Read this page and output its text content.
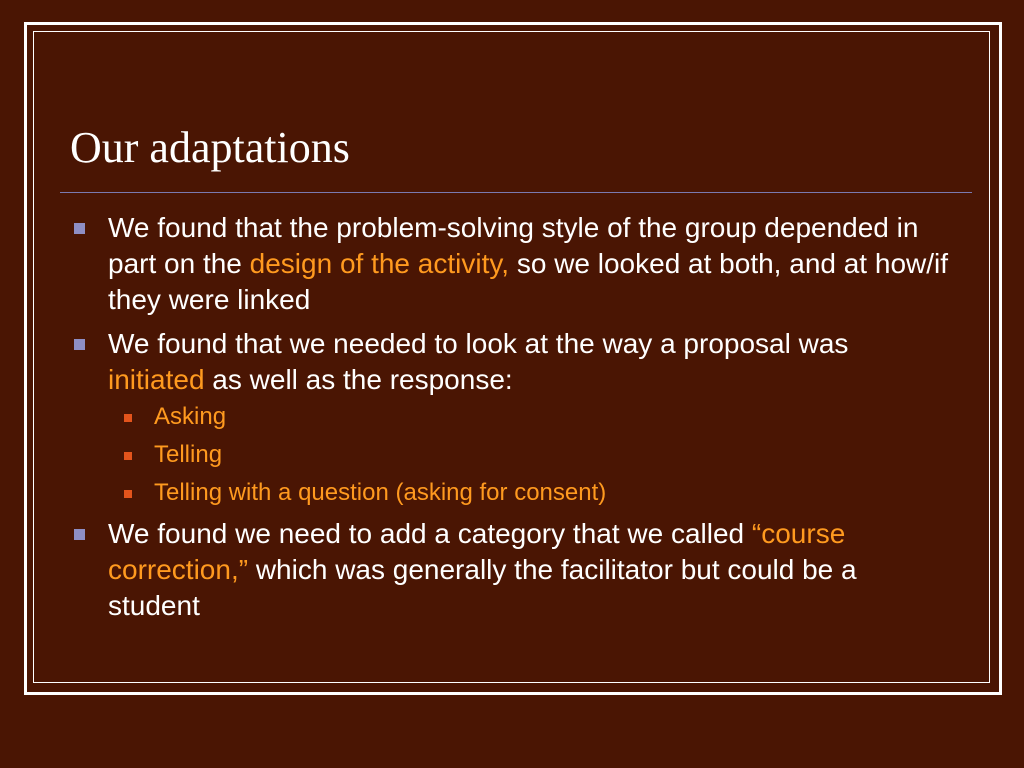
Our adaptations
We found that the problem-solving style of the group depended in part on the design of the activity, so we looked at both, and at how/if they were linked
We found that we needed to look at the way a proposal was initiated as well as the response:
Asking
Telling
Telling with a question (asking for consent)
We found we need to add a category that we called “course correction,” which was generally the facilitator but could be a student
